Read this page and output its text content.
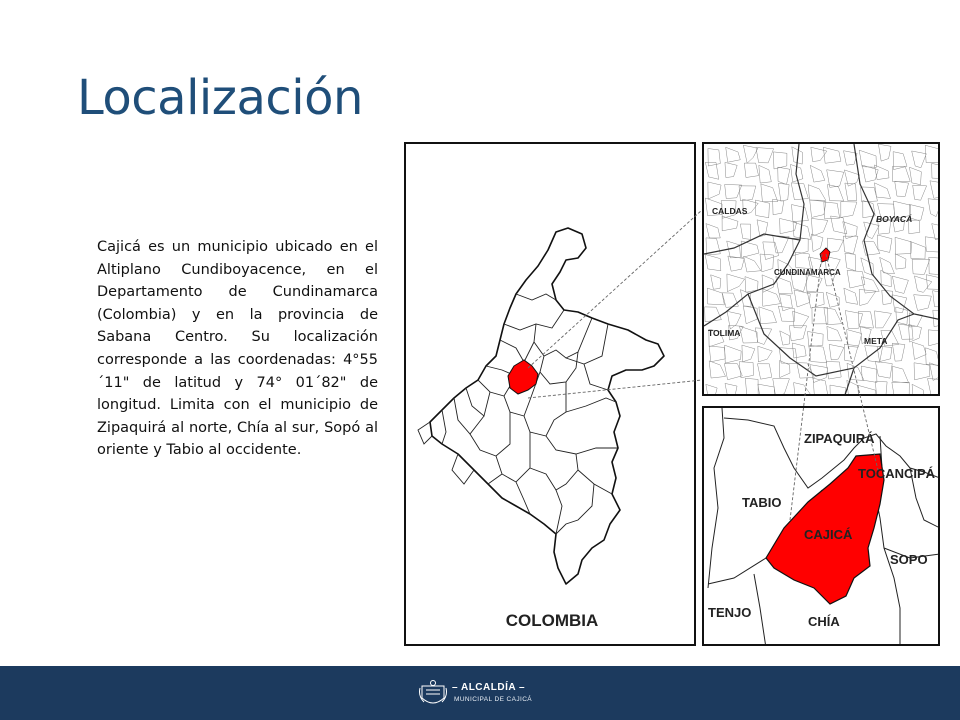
Localización

Cajicá es un municipio ubicado en el Altiplano Cundiboyacence, en el Departamento de Cundinamarca (Colombia) y en la provincia de Sabana Centro. Su localización corresponde a las coordenadas: 4°55´11" de latitud y 74° 01´82" de longitud. Limita con el municipio de Zipaquirá al norte, Chía al sur, Sopó al oriente y Tabio al occidente.

COLOMBIA
CALDAS
BOYACÁ
CUNDINAMARCA
TOLIMA
META
ZIPAQUIRÁ
TOCANCIPÁ
TABIO
CAJICÁ
SOPO
TENJO
CHÍA
– ALCALDÍA –
MUNICIPAL DE CAJICÁ
